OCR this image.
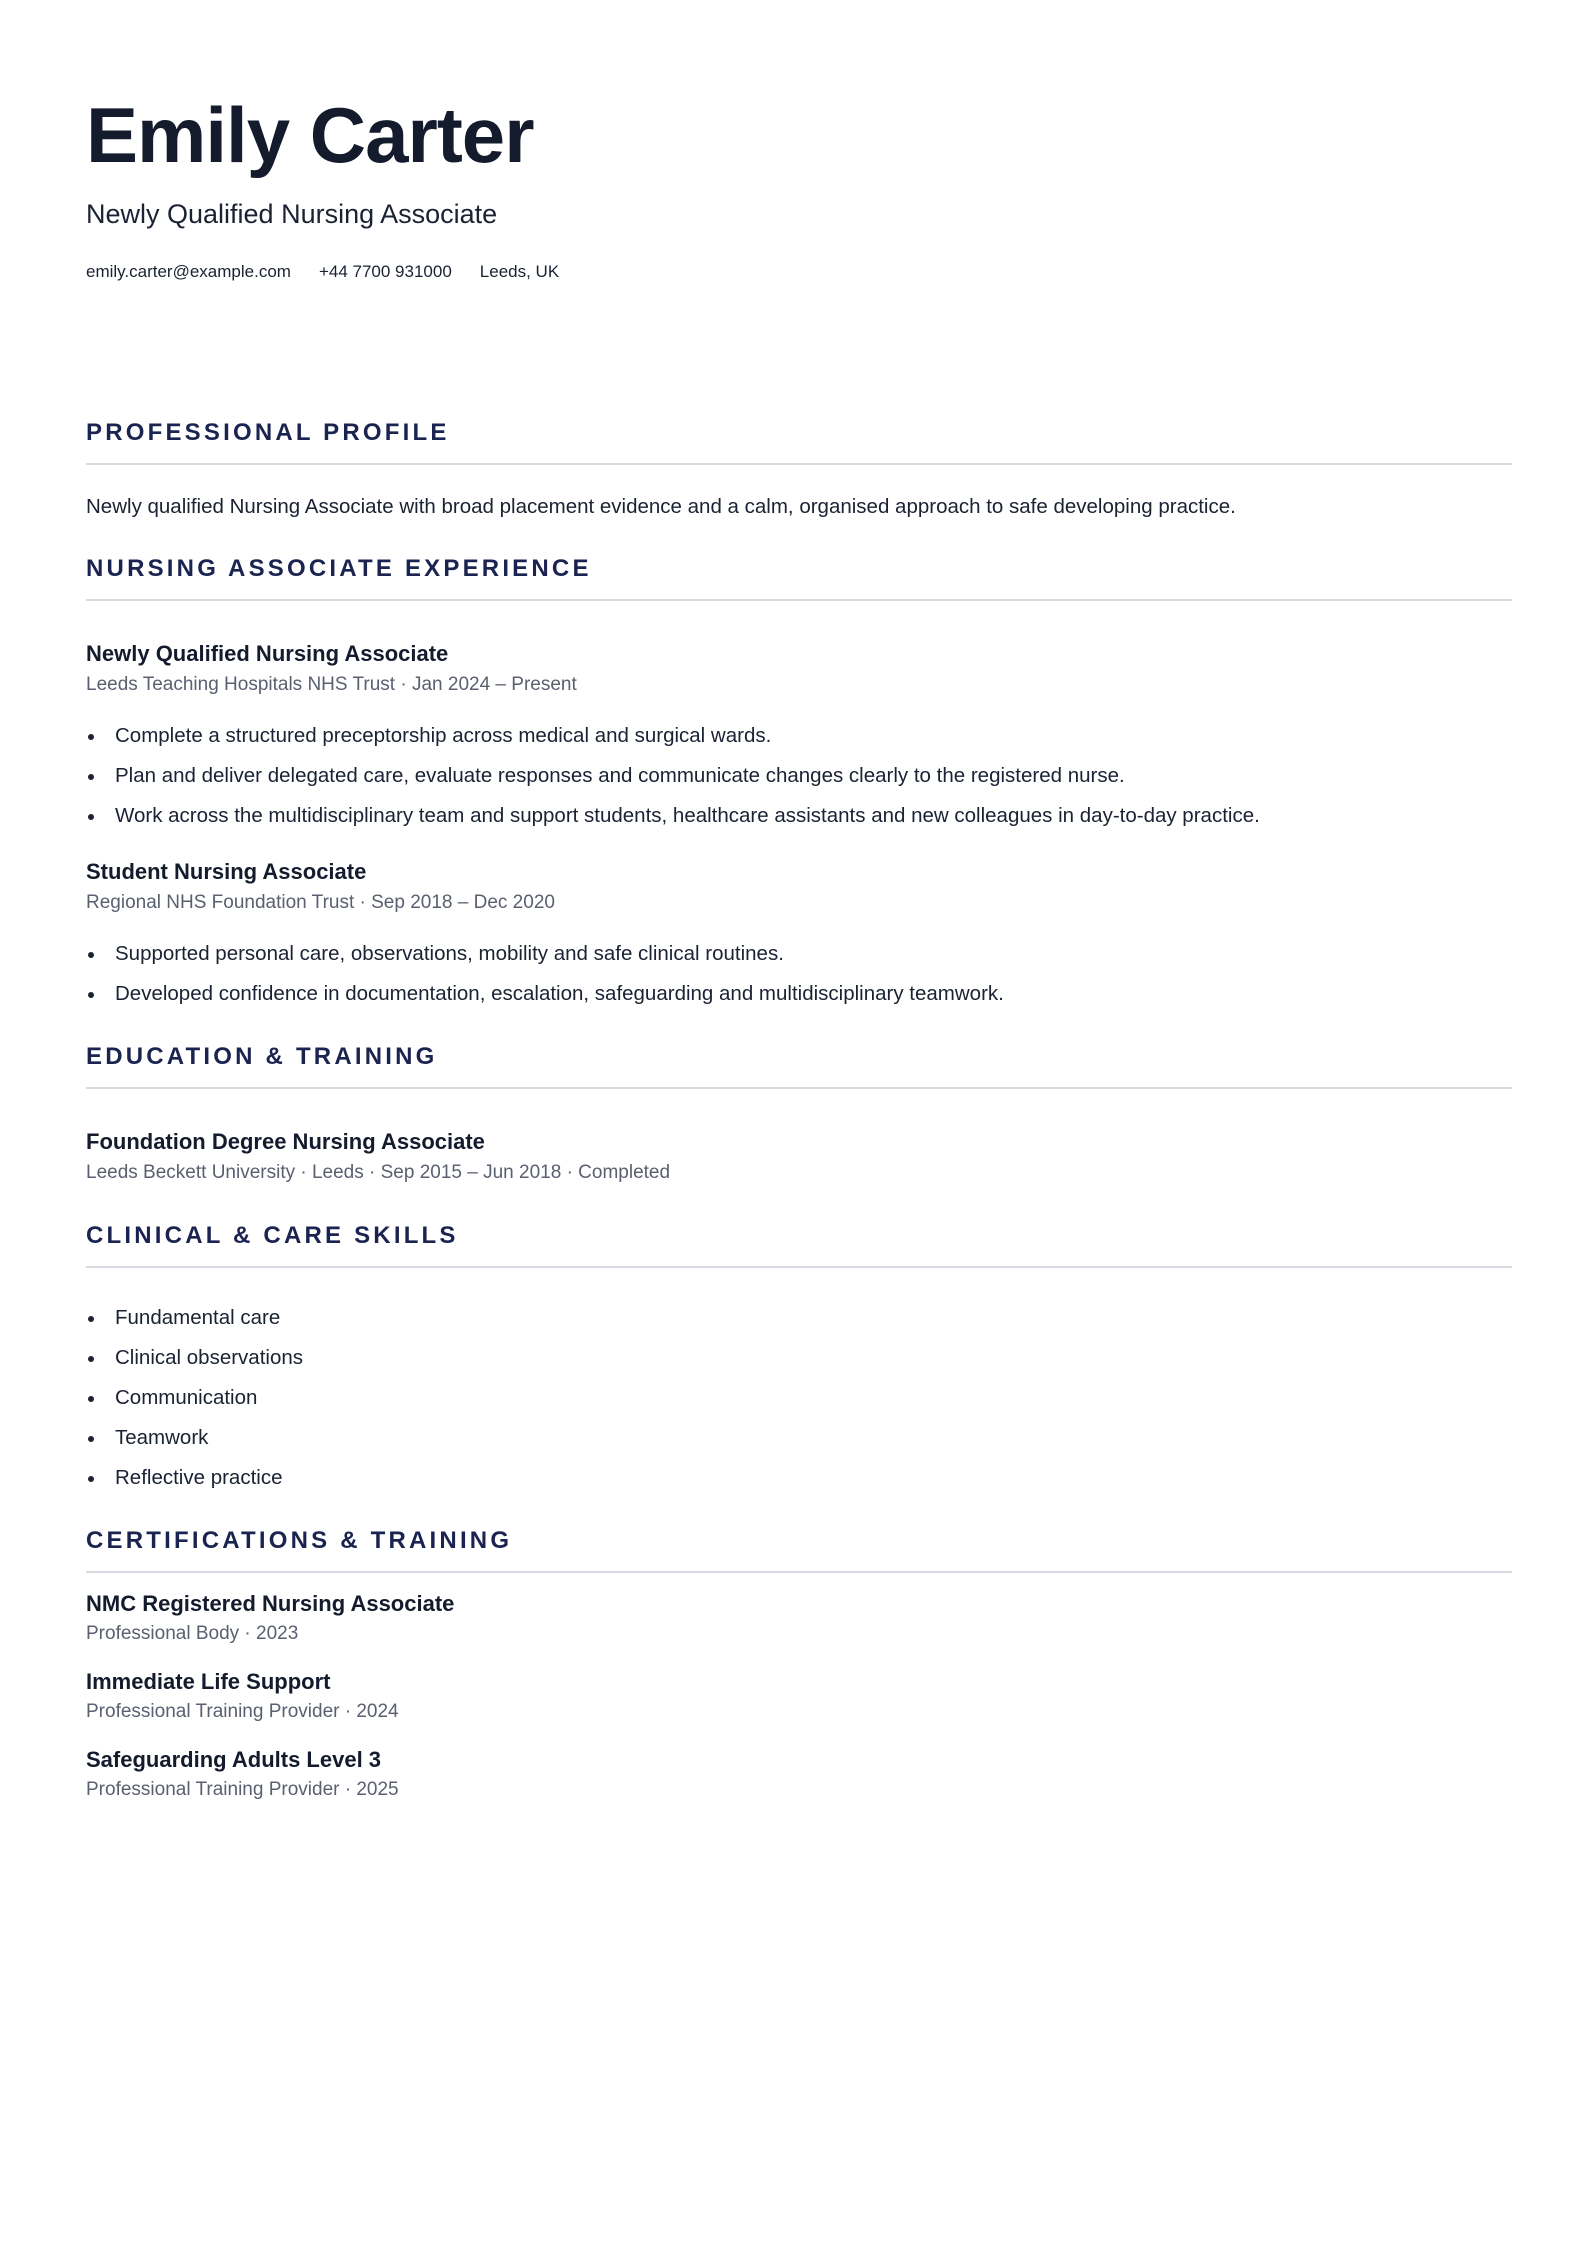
Emily Carter
Newly Qualified Nursing Associate
emily.carter@example.com +44 7700 931000 Leeds, UK
PROFESSIONAL PROFILE
Newly qualified Nursing Associate with broad placement evidence and a calm, organised approach to safe developing practice.
NURSING ASSOCIATE EXPERIENCE
Newly Qualified Nursing Associate
Leeds Teaching Hospitals NHS Trust · Jan 2024 – Present
Complete a structured preceptorship across medical and surgical wards.
Plan and deliver delegated care, evaluate responses and communicate changes clearly to the registered nurse.
Work across the multidisciplinary team and support students, healthcare assistants and new colleagues in day-to-day practice.
Student Nursing Associate
Regional NHS Foundation Trust · Sep 2018 – Dec 2020
Supported personal care, observations, mobility and safe clinical routines.
Developed confidence in documentation, escalation, safeguarding and multidisciplinary teamwork.
EDUCATION & TRAINING
Foundation Degree Nursing Associate
Leeds Beckett University · Leeds · Sep 2015 – Jun 2018 · Completed
CLINICAL & CARE SKILLS
Fundamental care
Clinical observations
Communication
Teamwork
Reflective practice
CERTIFICATIONS & TRAINING
NMC Registered Nursing Associate
Professional Body · 2023
Immediate Life Support
Professional Training Provider · 2024
Safeguarding Adults Level 3
Professional Training Provider · 2025
